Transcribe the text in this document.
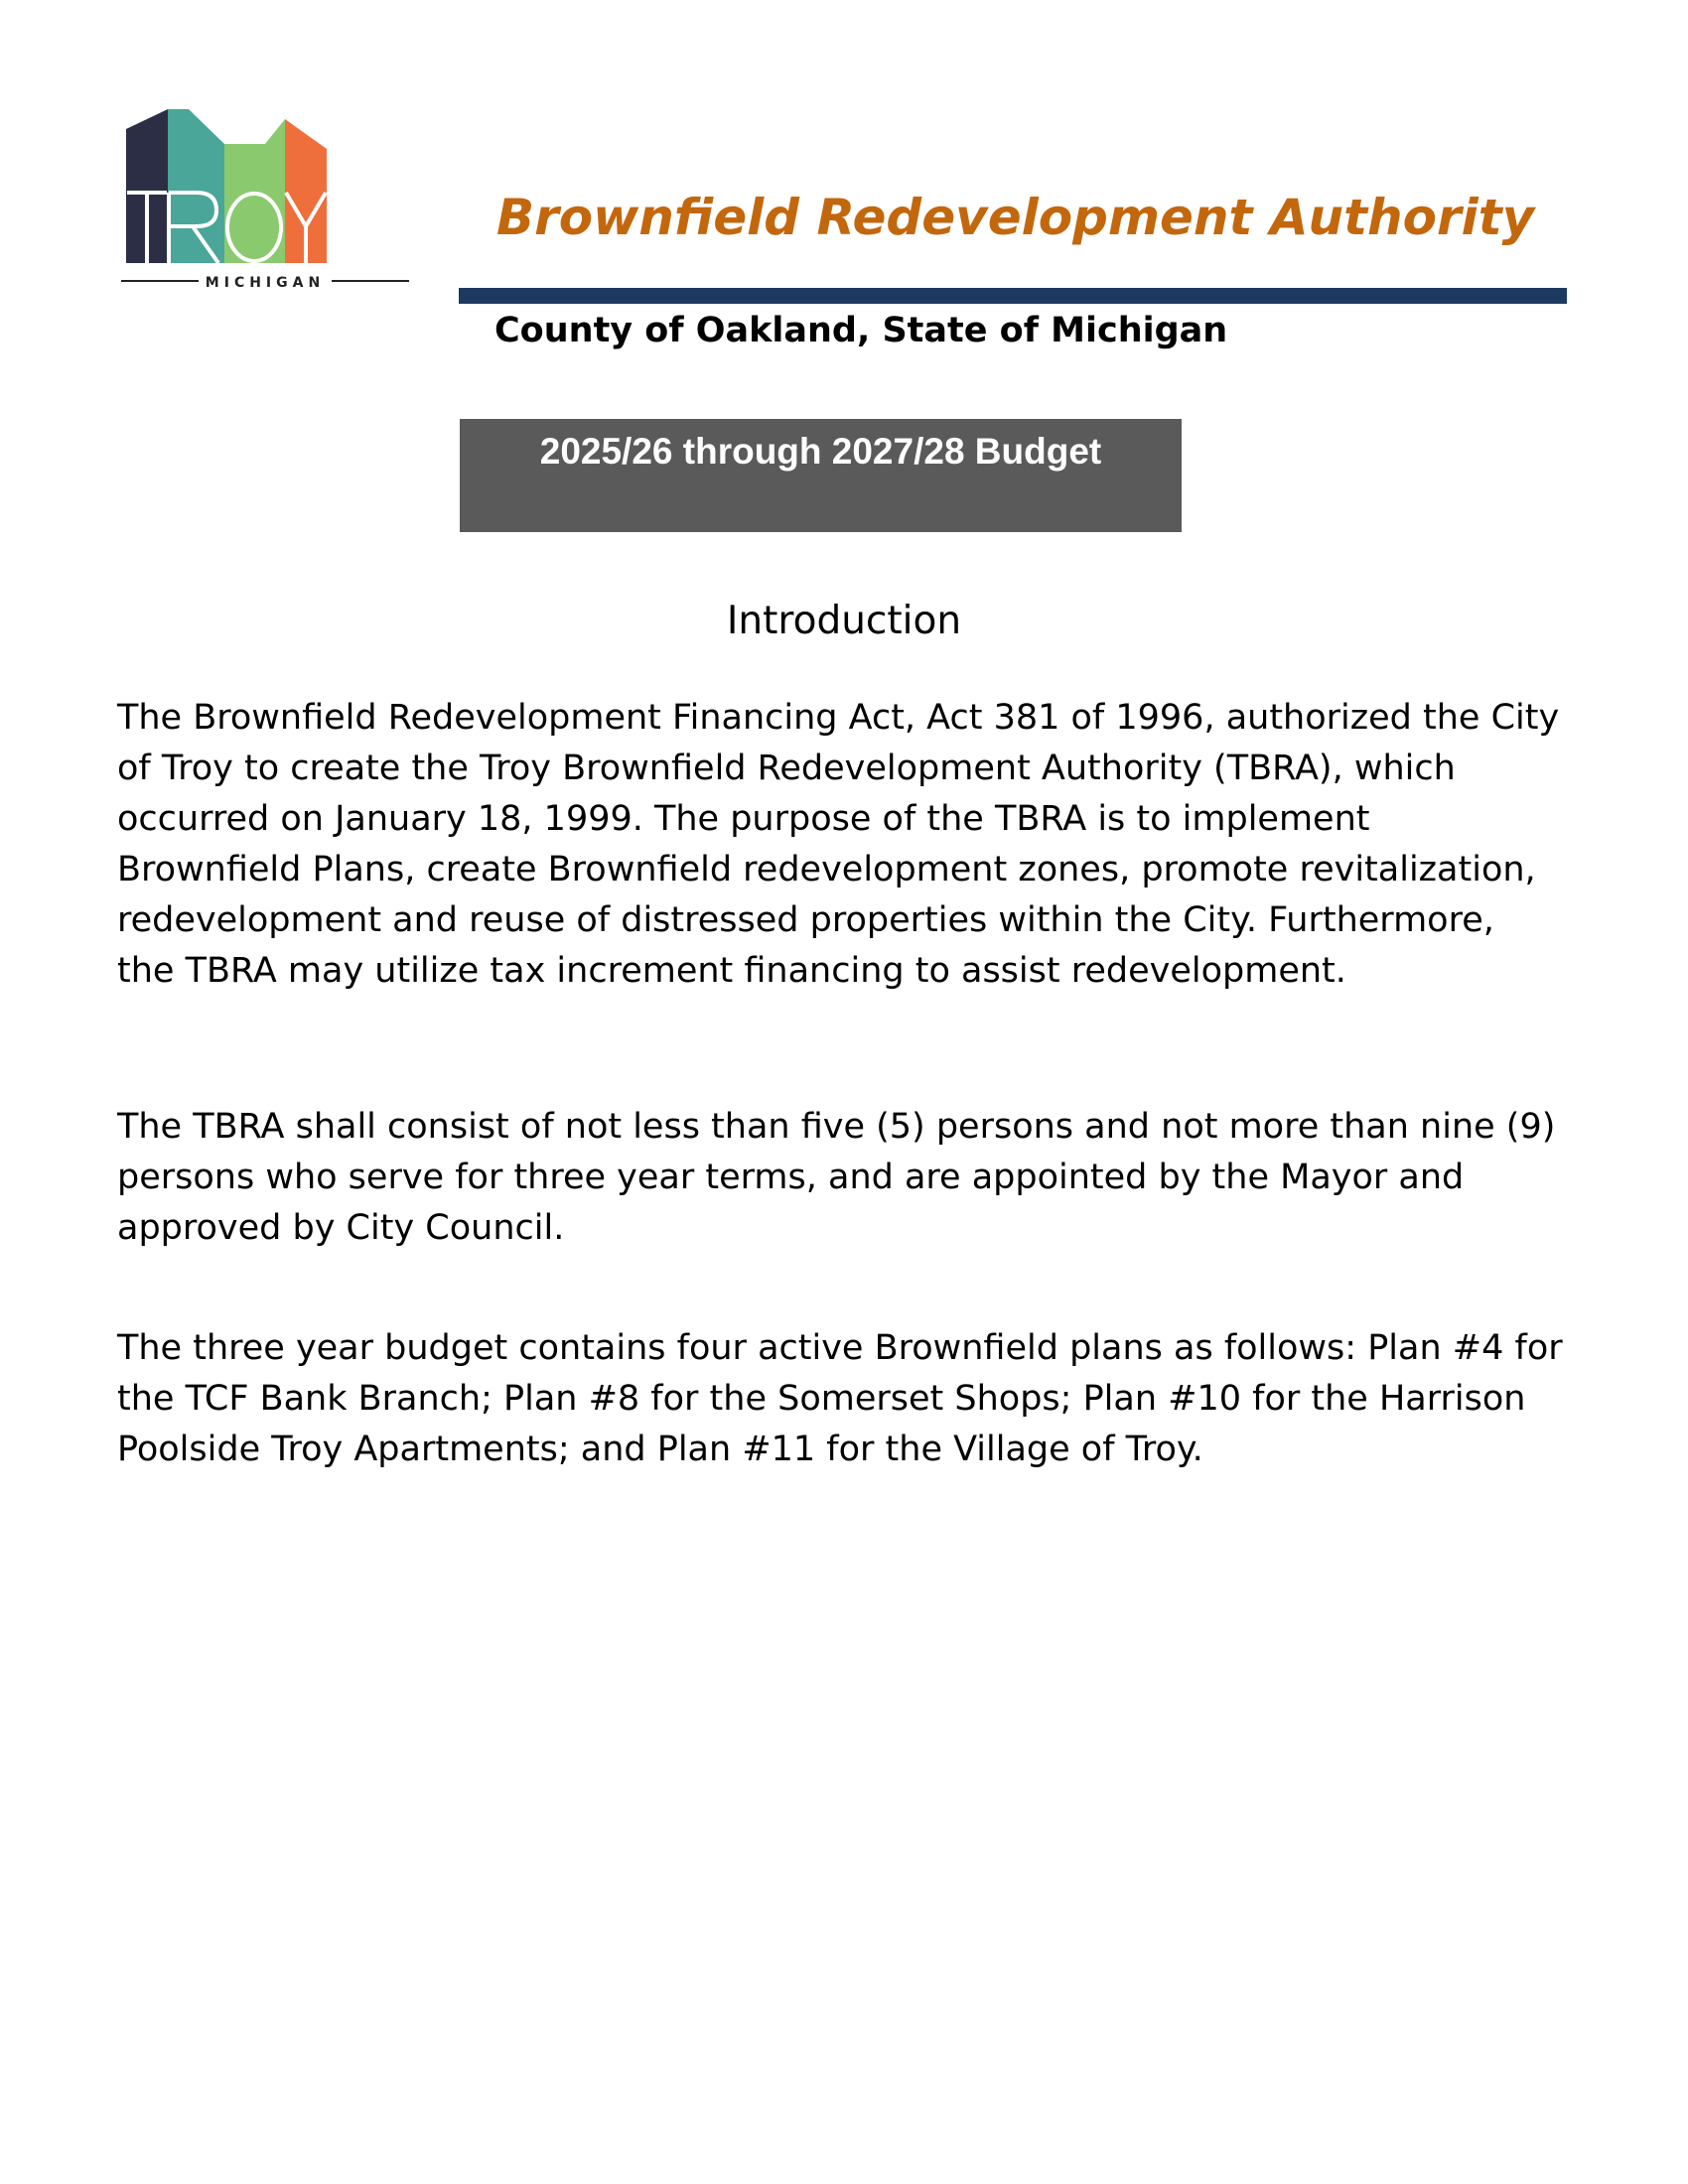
MICHIGAN
Brownfield Redevelopment Authority
County of Oakland, State of Michigan
2025/26 through 2027/28 Budget
Introduction

The Brownfield Redevelopment Financing Act, Act 381 of 1996, authorized the City
of Troy to create the Troy Brownfield Redevelopment Authority (TBRA), which
occurred on January 18, 1999. The purpose of the TBRA is to implement
Brownfield Plans, create Brownfield redevelopment zones, promote revitalization,
redevelopment and reuse of distressed properties within the City. Furthermore,
the TBRA may utilize tax increment financing to assist redevelopment.

The TBRA shall consist of not less than five (5) persons and not more than nine (9)
persons who serve for three year terms, and are appointed by the Mayor and
approved by City Council.

The three year budget contains four active Brownfield plans as follows: Plan #4 for
the TCF Bank Branch; Plan #8 for the Somerset Shops; Plan #10 for the Harrison
Poolside Troy Apartments; and Plan #11 for the Village of Troy.
